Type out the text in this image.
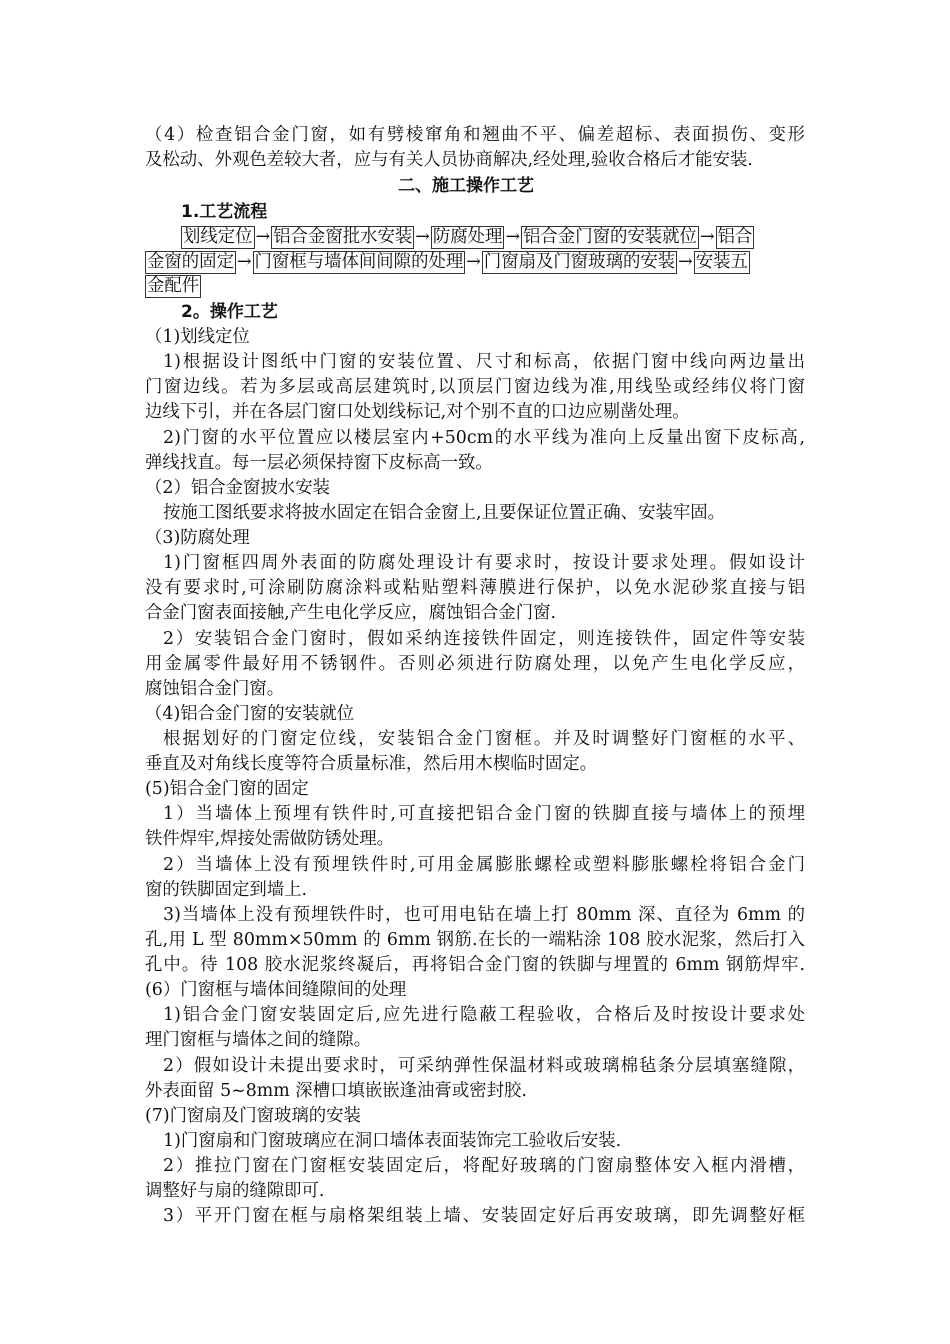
（4）检查铝合金门窗，如有劈棱窜角和翘曲不平、偏差超标、表面损伤、变形
及松动、外观色差较大者，应与有关人员协商解决,经处理,验收合格后才能安装.
二、施工操作工艺
1.工艺流程
划线定位 → 铝合金窗批水安装 → 防腐处理 → 铝合金门窗的安装就位 → 铝合
金窗的固定 → 门窗框与墙体间间隙的处理 → 门窗扇及门窗玻璃的安装 → 安装五
金配件
2。操作工艺
（1)划线定位
1)根据设计图纸中门窗的安装位置、尺寸和标高，依据门窗中线向两边量出
门窗边线。若为多层或高层建筑时,以顶层门窗边线为准,用线坠或经纬仪将门窗
边线下引，并在各层门窗口处划线标记,对个别不直的口边应剔凿处理。
2)门窗的水平位置应以楼层室内+50cm的水平线为准向上反量出窗下皮标高,
弹线找直。每一层必须保持窗下皮标高一致。
（2）铝合金窗披水安装
按施工图纸要求将披水固定在铝合金窗上,且要保证位置正确、安装牢固。
（3)防腐处理
1)门窗框四周外表面的防腐处理设计有要求时，按设计要求处理。假如设计
没有要求时,可涂刷防腐涂料或粘贴塑料薄膜进行保护，以免水泥砂浆直接与铝
合金门窗表面接触,产生电化学反应，腐蚀铝合金门窗.
2）安装铝合金门窗时，假如采纳连接铁件固定，则连接铁件，固定件等安装
用金属零件最好用不锈钢件。否则必须进行防腐处理，以免产生电化学反应，
腐蚀铝合金门窗。
（4)铝合金门窗的安装就位
根据划好的门窗定位线，安装铝合金门窗框。并及时调整好门窗框的水平、
垂直及对角线长度等符合质量标准，然后用木楔临时固定。
(5)铝合金门窗的固定
1）当墙体上预埋有铁件时,可直接把铝合金门窗的铁脚直接与墙体上的预埋
铁件焊牢,焊接处需做防锈处理。
2）当墙体上没有预埋铁件时,可用金属膨胀螺栓或塑料膨胀螺栓将铝合金门
窗的铁脚固定到墙上.
3)当墙体上没有预埋铁件时，也可用电钻在墙上打 80mm 深、直径为 6mm 的
孔,用 L 型 80mm×50mm 的 6mm 钢筋.在长的一端粘涂 108 胶水泥浆，然后打入
孔中。待 108 胶水泥浆终凝后，再将铝合金门窗的铁脚与埋置的 6mm 钢筋焊牢.
(6）门窗框与墙体间缝隙间的处理
1)铝合金门窗安装固定后,应先进行隐蔽工程验收，合格后及时按设计要求处
理门窗框与墙体之间的缝隙。
2）假如设计未提出要求时，可采纳弹性保温材料或玻璃棉毡条分层填塞缝隙，
外表面留 5~8mm 深槽口填嵌嵌逢油膏或密封胶.
(7)门窗扇及门窗玻璃的安装
1)门窗扇和门窗玻璃应在洞口墙体表面装饰完工验收后安装.
2）推拉门窗在门窗框安装固定后，将配好玻璃的门窗扇整体安入框内滑槽，
调整好与扇的缝隙即可.
3）平开门窗在框与扇格架组装上墙、安装固定好后再安玻璃，即先调整好框
